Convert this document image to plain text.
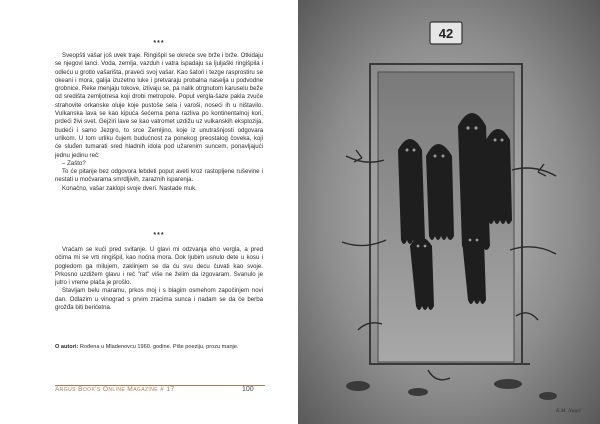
***

Sveopšti vašar još uvek traje. Ringišpil se okreće sve brže i brže. Otkidaju se njegovi lanci. Voda, zemlja, vazduh i vatra ispadaju sa ljuljaški ringišpila i odleću u grotlo vašarišta, praveći svoj vašar. Kao šatori i tezge rasprostiru se okeani i mora, galija izuzetno luke i pretvaraju probalna naselja u podvodne grobnice. Reke menjaju tokove, izlivaju se, pa nalik otrgnutom karuselu beže od središta zemljotresa koji drobi metropole. Poput vergla-šaze pakla zvuče strahovite orkanske oluje koje pustoše sela i varoši, noseći ih u ništavilo. Vulkanska lava se kao kipuća šećerna pena razliva po kontinentalnoj kori, prdeći živi svet. Gejziri lave se kao vatromet uzdižu uz vulkanskih eksplozija, budeći i samo Jezgro, to srce Zemljino, koje iz unutrašnjosti odgovara urlikom. U tom urliku čujem budućnost za ponekog preostalog čoveka, koji će sluđen tumarati sred hladnih idola pod užarenim suncem, ponavljajući jednu jedinu reč:

– Zašto?

To će pitanje bez odgovora lebdeti poput aveti kroz rastopljene ruševine i nestati u močvarama smrdljivih, zaraznih isparenja.

Konačno, vašar zaklopi svoje dveri. Nastade muk.

***

Vraćam se kući pred svitanje. U glavi mi odzvanja eho vergla, a pred očima mi se vrti ringišpil, kao noćna mora. Dok ljubim usnulo dete u kosu i pogledom ga milujem, zaklinjem se da ću svu decu čuvati kao svoje. Prkosno uzdižem glavu i reč "rat" više ne želim da izgovaram. Svanulo je jutro i vreme plača je prošlo.

Stavljam belu maramu, prkos moj i s blagim osmehom započinjem novi dan. Odlazim u vinograd s prvim zracima sunca i nadam se da će berba grožđa biti berićetna.

O autori: Rođena u Mladenovcu 1960. godine. Piše poeziju, prozu manje.
Argus Book's Online Magazine # 17	100
42
R.M. Nagić
